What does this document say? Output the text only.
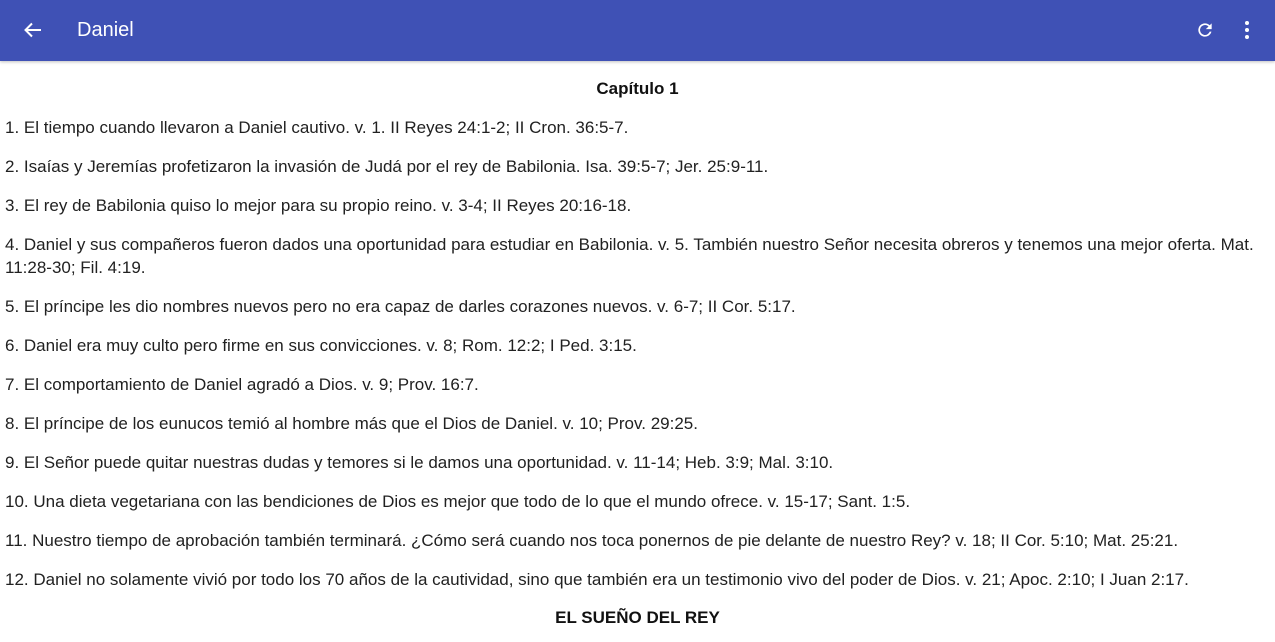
Daniel
Capítulo 1
1. El tiempo cuando llevaron a Daniel cautivo. v. 1. II Reyes 24:1-2; II Cron. 36:5-7.
2. Isaías y Jeremías profetizaron la invasión de Judá por el rey de Babilonia. Isa. 39:5-7; Jer. 25:9-11.
3. El rey de Babilonia quiso lo mejor para su propio reino. v. 3-4; II Reyes 20:16-18.
4. Daniel y sus compañeros fueron dados una oportunidad para estudiar en Babilonia. v. 5. También nuestro Señor necesita obreros y tenemos una mejor oferta. Mat. 11:28-30; Fil. 4:19.
5. El príncipe les dio nombres nuevos pero no era capaz de darles corazones nuevos. v. 6-7; II Cor. 5:17.
6. Daniel era muy culto pero firme en sus convicciones. v. 8; Rom. 12:2; I Ped. 3:15.
7. El comportamiento de Daniel agradó a Dios. v. 9; Prov. 16:7.
8. El príncipe de los eunucos temió al hombre más que el Dios de Daniel. v. 10; Prov. 29:25.
9. El Señor puede quitar nuestras dudas y temores si le damos una oportunidad. v. 11-14; Heb. 3:9; Mal. 3:10.
10. Una dieta vegetariana con las bendiciones de Dios es mejor que todo de lo que el mundo ofrece. v. 15-17; Sant. 1:5.
11. Nuestro tiempo de aprobación también terminará. ¿Cómo será cuando nos toca ponernos de pie delante de nuestro Rey? v. 18; II Cor. 5:10; Mat. 25:21.
12. Daniel no solamente vivió por todo los 70 años de la cautividad, sino que también era un testimonio vivo del poder de Dios. v. 21; Apoc. 2:10; I Juan 2:17.
EL SUEÑO DEL REY
